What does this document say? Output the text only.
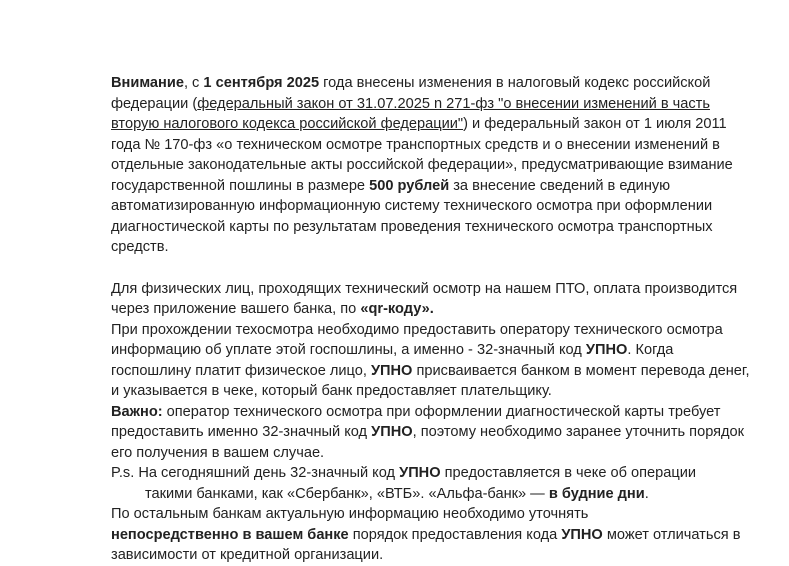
Внимание, с 1 сентября 2025 года внесены изменения в налоговый кодекс российской федерации (федеральный закон от 31.07.2025 n 271-фз "о внесении изменений в часть вторую налогового кодекса российской федерации") и федеральный закон от 1 июля 2011 года № 170-фз «о техническом осмотре транспортных средств и о внесении изменений в отдельные законодательные акты российской федерации», предусматривающие взимание государственной пошлины в размере 500 рублей за внесение сведений в единую автоматизированную информационную систему технического осмотра при оформлении диагностической карты по результатам проведения технического осмотра транспортных средств.

Для физических лиц, проходящих технический осмотр на нашем ПТО, оплата производится через приложение вашего банка, по «qr-коду».

При прохождении техосмотра необходимо предоставить оператору технического осмотра информацию об уплате этой госпошлины, а именно - 32-значный код УПНО. Когда госпошлину платит физическое лицо, УПНО присваивается банком в момент перевода денег, и указывается в чеке, который банк предоставляет плательщику.

Важно: оператор технического осмотра при оформлении диагностической карты требует предоставить именно 32-значный код УПНО, поэтому необходимо заранее уточнить порядок его получения в вашем случае.

P.s. На сегодняшний день 32-значный код УПНО предоставляется в чеке об операции
такими банками, как «Cбербанк», «ВТБ». «Альфа-банк» — в будние дни.

По остальным банкам актуальную информацию необходимо уточнять
непосредственно в вашем банке порядок предоставления кода УПНО может отличаться в зависимости от кредитной организации.
